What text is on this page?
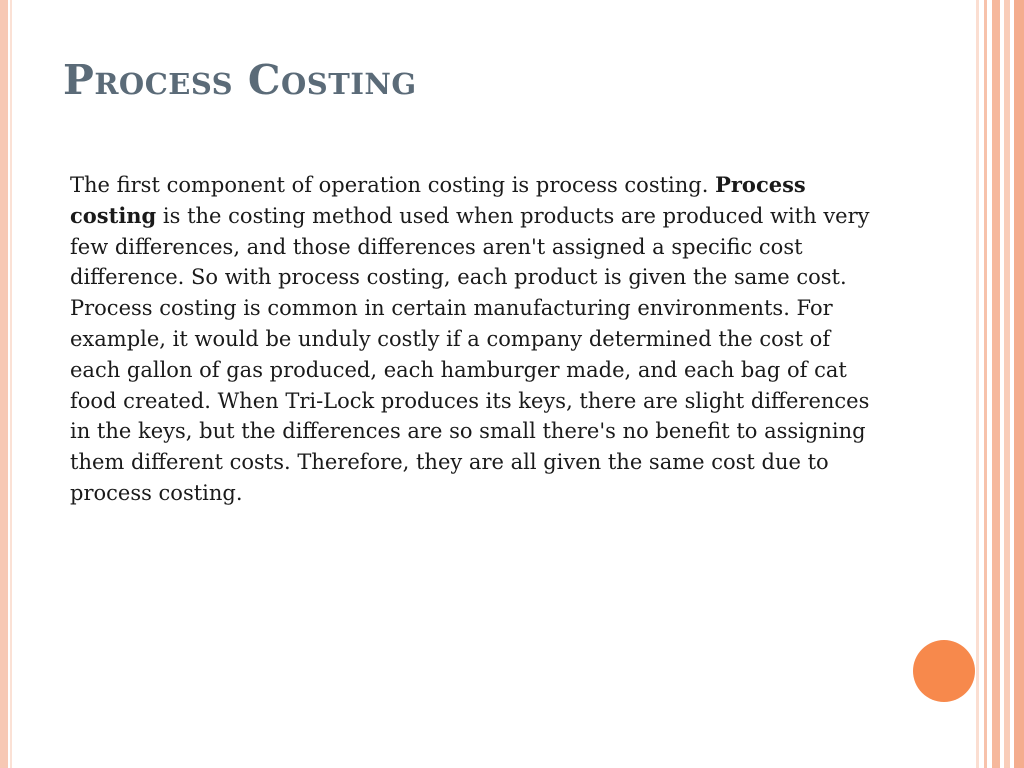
Process Costing
The first component of operation costing is process costing. Process costing is the costing method used when products are produced with very few differences, and those differences aren't assigned a specific cost difference. So with process costing, each product is given the same cost.
Process costing is common in certain manufacturing environments. For example, it would be unduly costly if a company determined the cost of each gallon of gas produced, each hamburger made, and each bag of cat food created. When Tri-Lock produces its keys, there are slight differences in the keys, but the differences are so small there's no benefit to assigning them different costs. Therefore, they are all given the same cost due to process costing.
